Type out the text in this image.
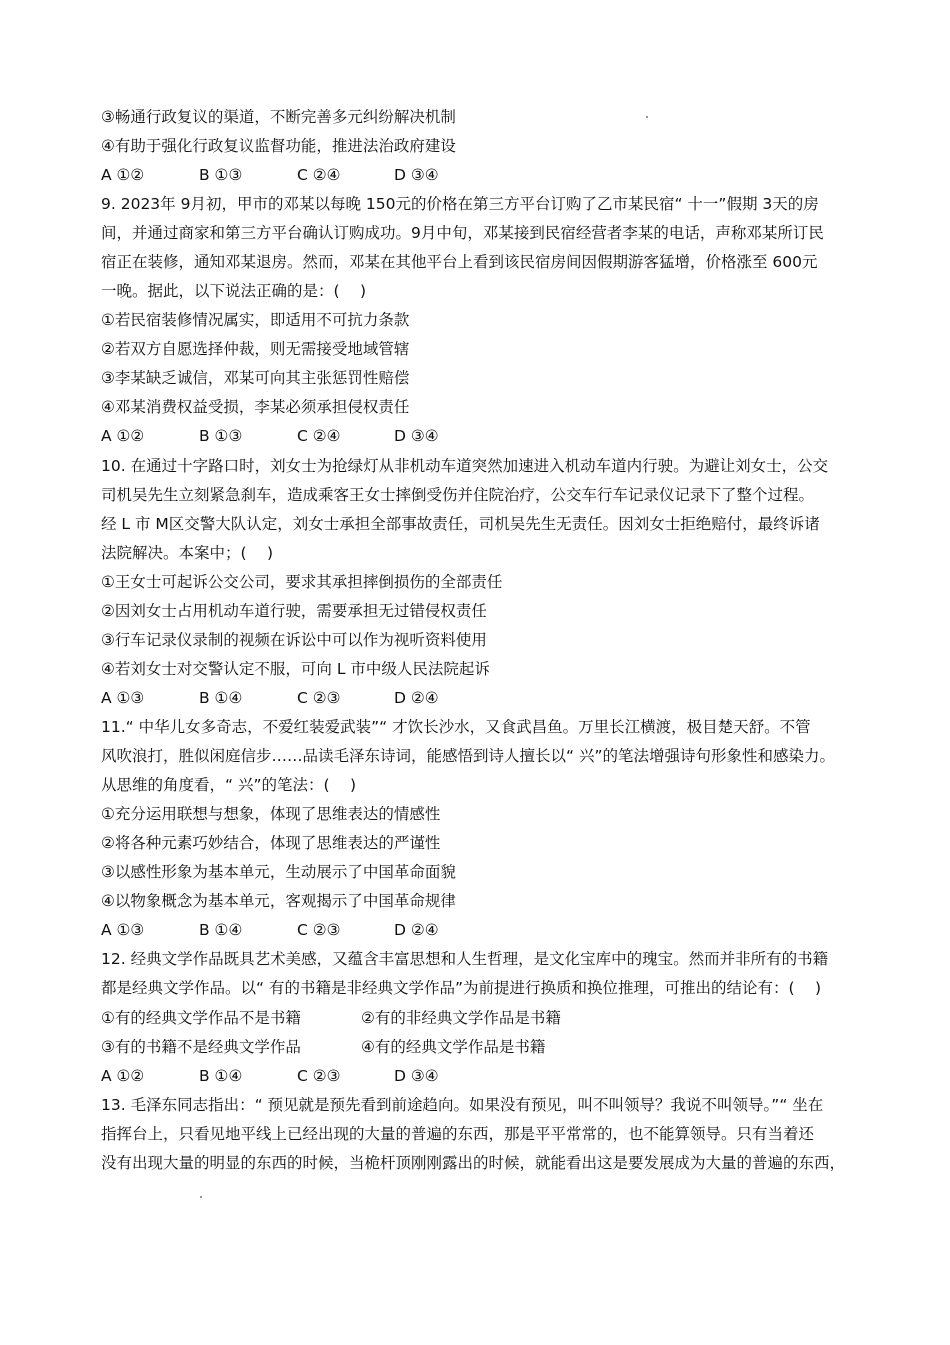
③畅通行政复议的渠道，不断完善多元纠纷解决机制
④有助于强化行政复议监督功能，推进法治政府建设
A ①②	B ①③	C ②④	D ③④
9. 2023年 9月初，甲市的邓某以每晚 150元的价格在第三方平台订购了乙市某民宿“ 十一”假期 3天的房
间，并通过商家和第三方平台确认订购成功。9月中旬，邓某接到民宿经营者李某的电话，声称邓某所订民
宿正在装修，通知邓某退房。然而，邓某在其他平台上看到该民宿房间因假期游客猛增，价格涨至 600元
一晚。据此，以下说法正确的是：(　 )
①若民宿装修情况属实，即适用不可抗力条款
②若双方自愿选择仲裁，则无需接受地域管辖
③李某缺乏诚信，邓某可向其主张惩罚性赔偿
④邓某消费权益受损，李某必须承担侵权责任
A ①②	B ①③	C ②④	D ③④
10. 在通过十字路口时，刘女士为抢绿灯从非机动车道突然加速进入机动车道内行驶。为避让刘女士，公交
司机吴先生立刻紧急刹车，造成乘客王女士摔倒受伤并住院治疗，公交车行车记录仪记录下了整个过程。
经 L 市 M区交警大队认定，刘女士承担全部事故责任，司机吴先生无责任。因刘女士拒绝赔付，最终诉诸
法院解决。本案中；(　 )
①王女士可起诉公交公司，要求其承担摔倒损伤的全部责任
②因刘女士占用机动车道行驶，需要承担无过错侵权责任
③行车记录仪录制的视频在诉讼中可以作为视听资料使用
④若刘女士对交警认定不服，可向 L 市中级人民法院起诉
A ①③	B ①④	C ②③	D ②④
11.“ 中华儿女多奇志，不爱红装爱武装”“ 才饮长沙水，又食武昌鱼。万里长江横渡，极目楚天舒。不管
风吹浪打，胜似闲庭信步……品读毛泽东诗词，能感悟到诗人擅长以“ 兴”的笔法增强诗句形象性和感染力。
从思维的角度看，“ 兴”的笔法：(　 )
①充分运用联想与想象，体现了思维表达的情感性
②将各种元素巧妙结合，体现了思维表达的严谨性
③以感性形象为基本单元，生动展示了中国革命面貌
④以物象概念为基本单元，客观揭示了中国革命规律
A ①③	B ①④	C ②③	D ②④
12. 经典文学作品既具艺术美感，又蕴含丰富思想和人生哲理，是文化宝库中的瑰宝。然而并非所有的书籍
都是经典文学作品。以“ 有的书籍是非经典文学作品”为前提进行换质和换位推理，可推出的结论有：(　 )
①有的经典文学作品不是书籍	②有的非经典文学作品是书籍
③有的书籍不是经典文学作品	④有的经典文学作品是书籍
A ①②	B ①④	C ②③	D ③④
13. 毛泽东同志指出：“ 预见就是预先看到前途趋向。如果没有预见，叫不叫领导？我说不叫领导。”“ 坐在
指挥台上，只看见地平线上已经出现的大量的普遍的东西，那是平平常常的，也不能算领导。只有当着还
没有出现大量的明显的东西的时候，当桅杆顶刚刚露出的时候，就能看出这是要发展成为大量的普遍的东西，
